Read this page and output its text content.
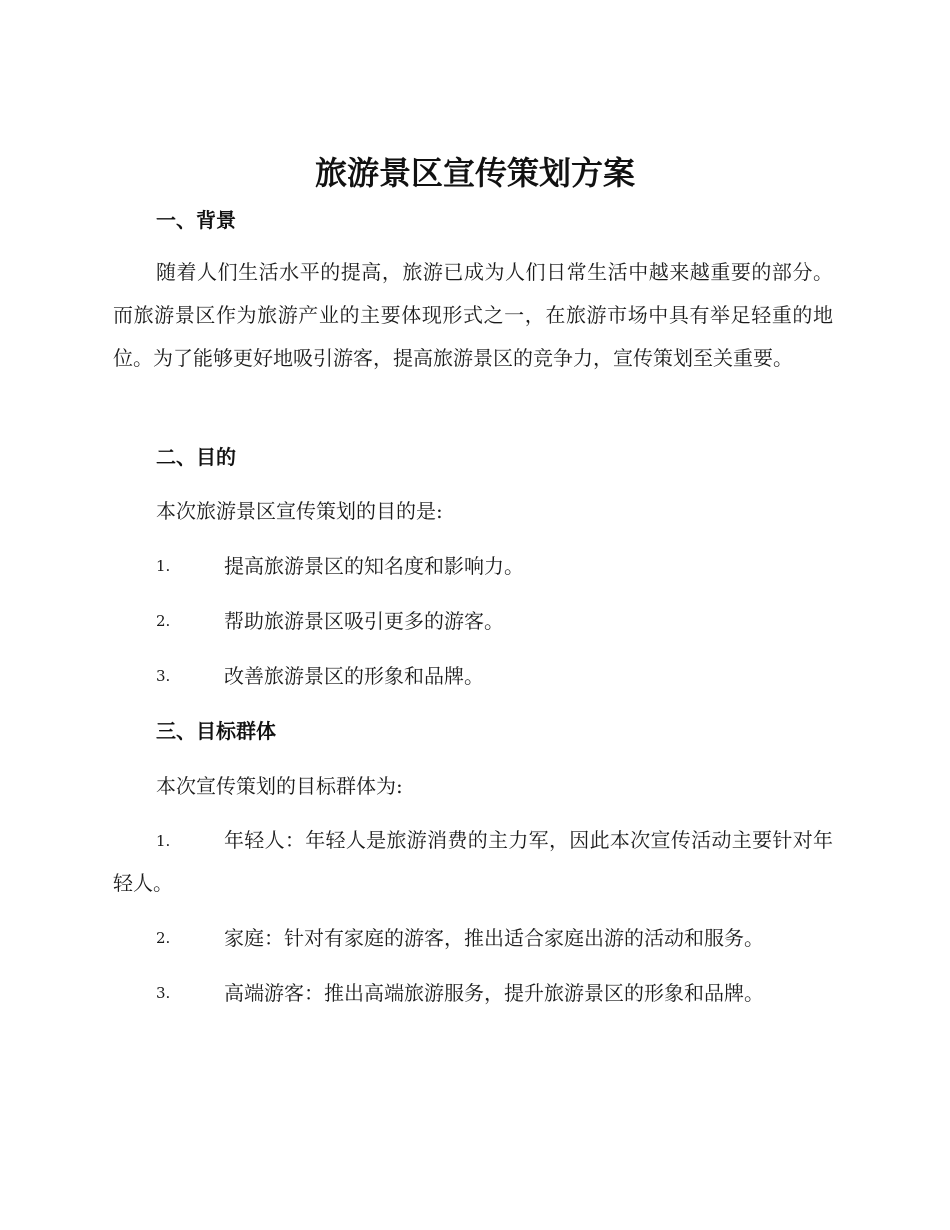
旅游景区宣传策划方案
一、背景
随着人们生活水平的提高，旅游已成为人们日常生活中越来越重要的部分。而旅游景区作为旅游产业的主要体现形式之一，在旅游市场中具有举足轻重的地位。为了能够更好地吸引游客，提高旅游景区的竞争力，宣传策划至关重要。
二、目的
本次旅游景区宣传策划的目的是:
1.	提高旅游景区的知名度和影响力。
2.	帮助旅游景区吸引更多的游客。
3.	改善旅游景区的形象和品牌。
三、目标群体
本次宣传策划的目标群体为:
1.	年轻人：年轻人是旅游消费的主力军，因此本次宣传活动主要针对年轻人。
2.	家庭：针对有家庭的游客，推出适合家庭出游的活动和服务。
3.	高端游客：推出高端旅游服务，提升旅游景区的形象和品牌。
